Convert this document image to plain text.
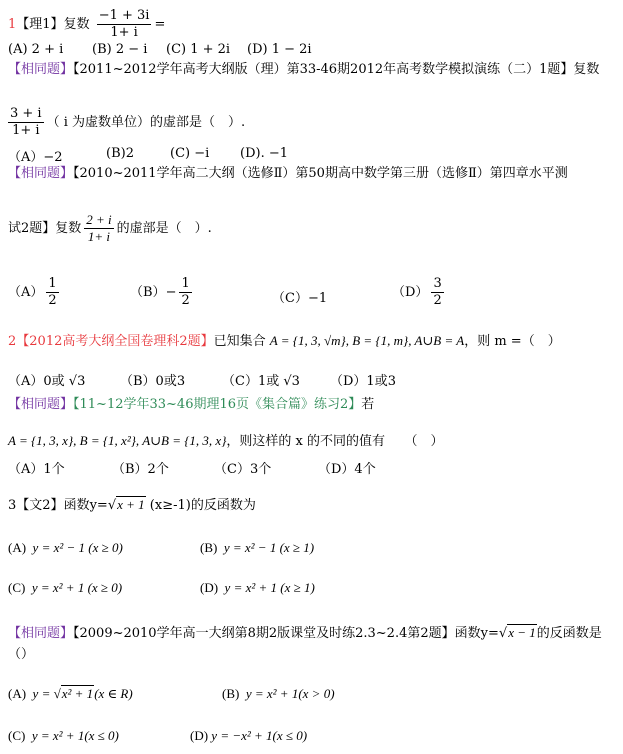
1【理1】复数 $\frac{-1 + 3i}{1+ i}$ =
(A) 2 + i (B) 2 − i (C) 1 + 2i (D) 1 − 2i
【相同题】【2011~2012学年高考大纲版（理）第33-46期2012年高考数学模拟演练（二）1题】复数
$\frac{3 + i}{1+ i}$ （ i 为虚数单位）的虚部是（　）.
（A）−2	(B)2	(C) −i (D). −1
【相同题】【2010~2011学年高二大纲（选修Ⅱ）第50期高中数学第三册（选修Ⅱ）第四章水平测
试2题】复数 $\frac{2 + i}{1+ i}$ 的虚部是（　）.
$(A) \frac{1}{2}$	$(B)- \frac{1}{2}$	（C）−1	$(D) \frac{3}{2}$
2【2012高考大纲全国卷理科2题】已知集合 A = {1, 3, √m}, B = {1, m}, A∪B = A，则 m =（　）
（A）0或 √3	（B）0或3	（C）1或 √3 （D）1或3
【相同题】【11~12学年33~46期理16页《集合篇》练习2】若
A = {1, 3, x}, B = {1, x²}, A∪B = {1, 3, x}，则这样的 x 的不同的值有　　（　）
（A）1个	（B）2个	（C）3个	（D）4个
3【文2】函数y=√x + 1 (x≥-1)的反函数为
(A) y = x² − 1 (x ≥ 0)	(B) y = x² − 1 (x ≥ 1)
(C) y = x² + 1 (x ≥ 0)	(D) y = x² + 1 (x ≥ 1)
【相同题】【2009~2010学年高一大纲第8期2版课堂及时练2.3~2.4第2题】函数y=√x − 1的反函数是
（）
(A) y = √x² + 1(x ∈ R)	(B) y = x² + 1(x > 0)
(C) y = x² + 1(x ≤ 0)	(D) y = −x² + 1(x ≤ 0)
